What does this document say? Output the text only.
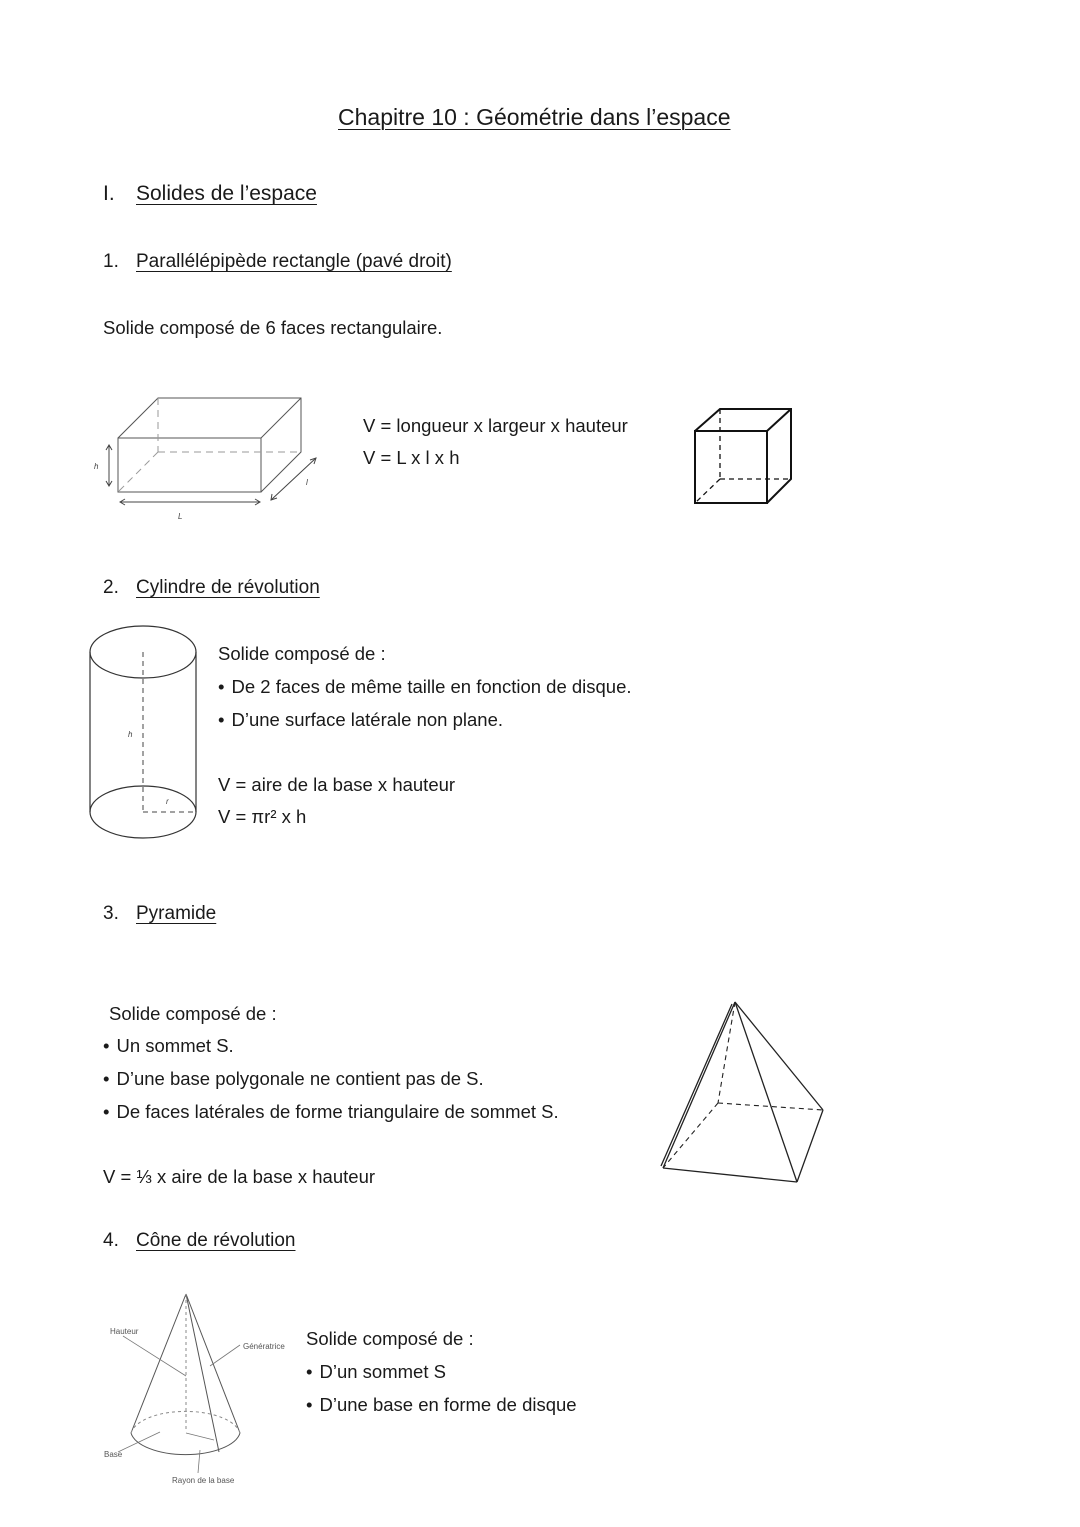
Chapitre 10 : Géométrie dans l’espace
I. Solides de l’espace
1. Parallélépipède rectangle (pavé droit)
Solide composé de 6 faces rectangulaire.
h
L
l
V = longueur x largeur x hauteur
V = L x l x h
2. Cylindre de révolution
h
r
Solide composé de :
• De 2 faces de même taille en fonction de disque.
• D’une surface latérale non plane.
V = aire de la base x hauteur
V = πr² x h
3. Pyramide
Solide composé de :
• Un sommet S.
• D’une base polygonale ne contient pas de S.
• De faces latérales de forme triangulaire de sommet S.
V = ⅓ x aire de la base x hauteur
4. Cône de révolution
Hauteur
Génératrice
Base
Rayon de la base
Solide composé de :
• D’un sommet S
• D’une base en forme de disque
